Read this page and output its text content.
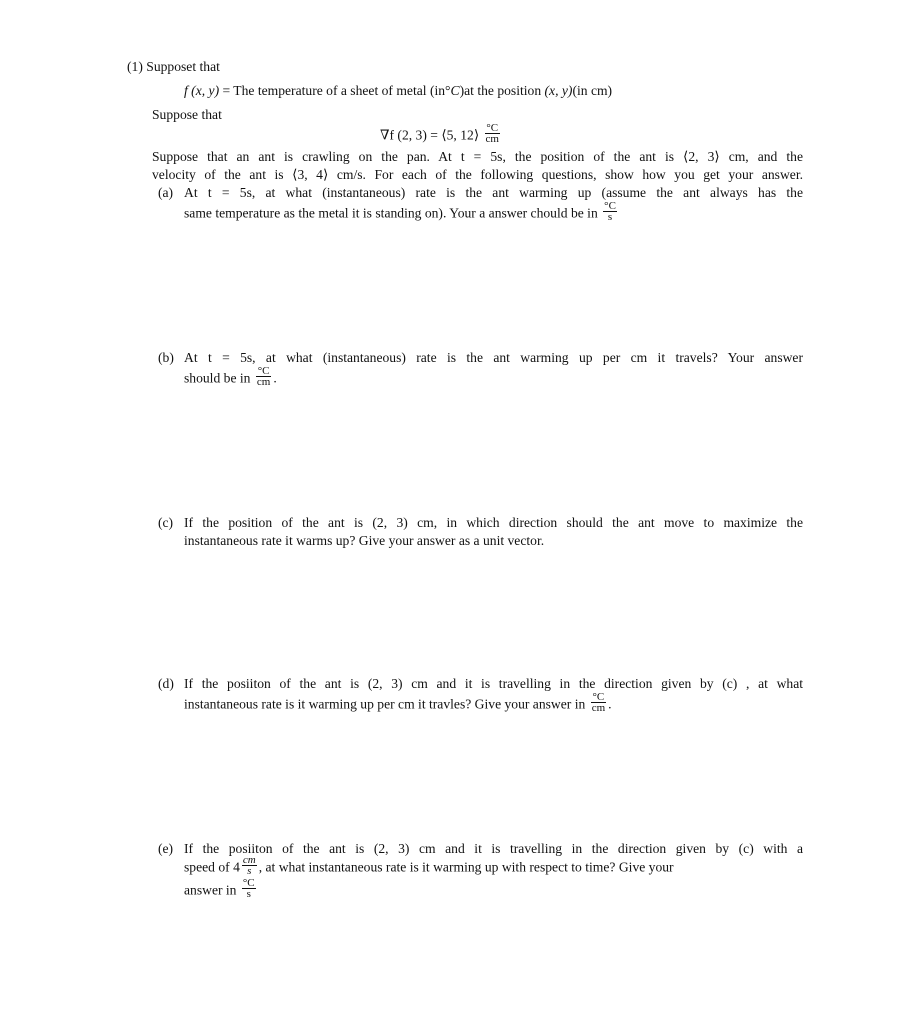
(1) Supposet that
f (x, y) = The temperature of a sheet of metal (in°C)at the position (x, y)(in cm)
Suppose that
∇f (2, 3) = ⟨5, 12⟩ $\frac{^\circ C}{cm}$
Suppose that an ant is crawling on the pan. At t = 5s, the position of the ant is ⟨2, 3⟩ cm, and the
velocity of the ant is ⟨3, 4⟩ cm/s. For each of the following questions, show how you get your answer.
(a) At t = 5s, at what (instantaneous) rate is the ant warming up (assume the ant always has the
same temperature as the metal it is standing on). Your a answer chould be in $\frac{^\circ C}{s}$
(b) At t = 5s, at what (instantaneous) rate is the ant warming up per cm it travels? Your answer
should be in $\frac{^\circ C}{cm}$ .
(c) If the position of the ant is (2, 3) cm, in which direction should the ant move to maximize the
instantaneous rate it warms up? Give your answer as a unit vector.
(d) If the posiiton of the ant is (2, 3) cm and it is travelling in the direction given by (c) , at what
instantaneous rate is it warming up per cm it travles? Give your answer in $\frac{^\circ C}{cm}$ .
(e) If the posiiton of the ant is (2, 3) cm and it is travelling in the direction given by (c) with a
speed of $4 \frac{cm}{s}$ , at what instantaneous rate is it warming up with respect to time? Give your
answer in $\frac{^\circ C}{s}$
